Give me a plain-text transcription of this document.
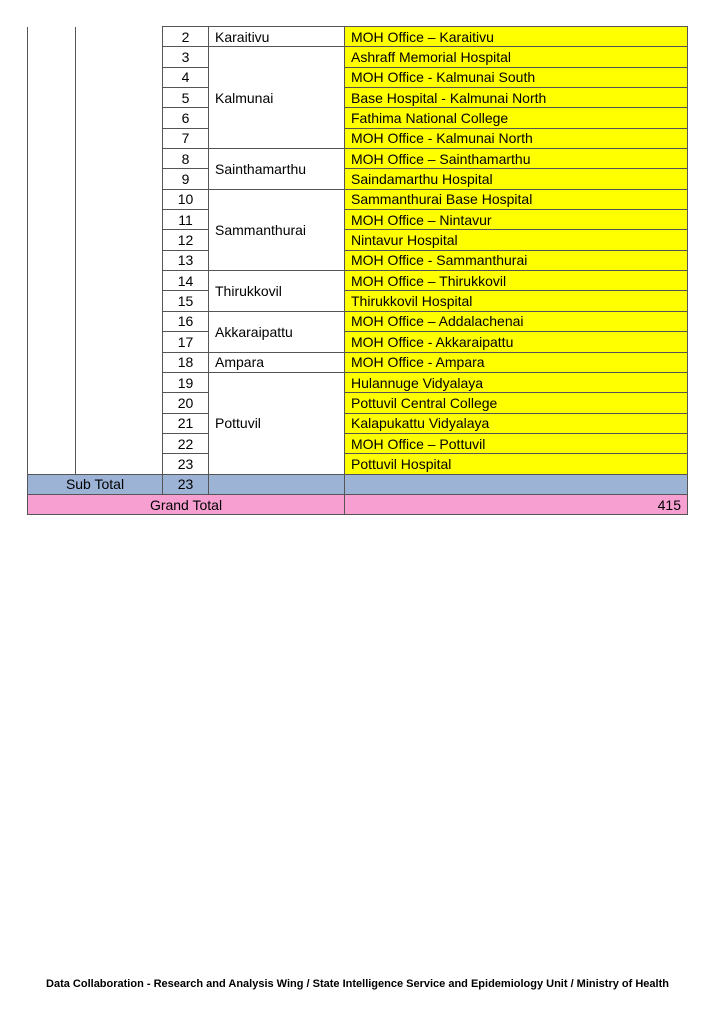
		2	Karaitivu	MOH Office – Karaitivu
		3	Kalmunai	Ashraff Memorial Hospital
		4		MOH Office - Kalmunai South
		5		Base Hospital - Kalmunai North
		6		Fathima National College
		7		MOH Office - Kalmunai North
		8	Sainthamarthu	MOH Office – Sainthamarthu
		9		Saindamarthu Hospital
		10	Sammanthurai	Sammanthurai Base Hospital
		11		MOH Office – Nintavur
		12		Nintavur Hospital
		13		MOH Office - Sammanthurai
		14	Thirukkovil	MOH Office – Thirukkovil
		15		Thirukkovil Hospital
		16	Akkaraipattu	MOH Office – Addalachenai
		17		MOH Office - Akkaraipattu
		18	Ampara	MOH Office - Ampara
		19	Pottuvil	Hulannuge Vidyalaya
		20		Pottuvil Central College
		21		Kalapukattu Vidyalaya
		22		MOH Office – Pottuvil
		23		Pottuvil Hospital
Sub Total		23		
Grand Total				415
Data Collaboration - Research and Analysis Wing / State Intelligence Service and Epidemiology Unit / Ministry of Health
